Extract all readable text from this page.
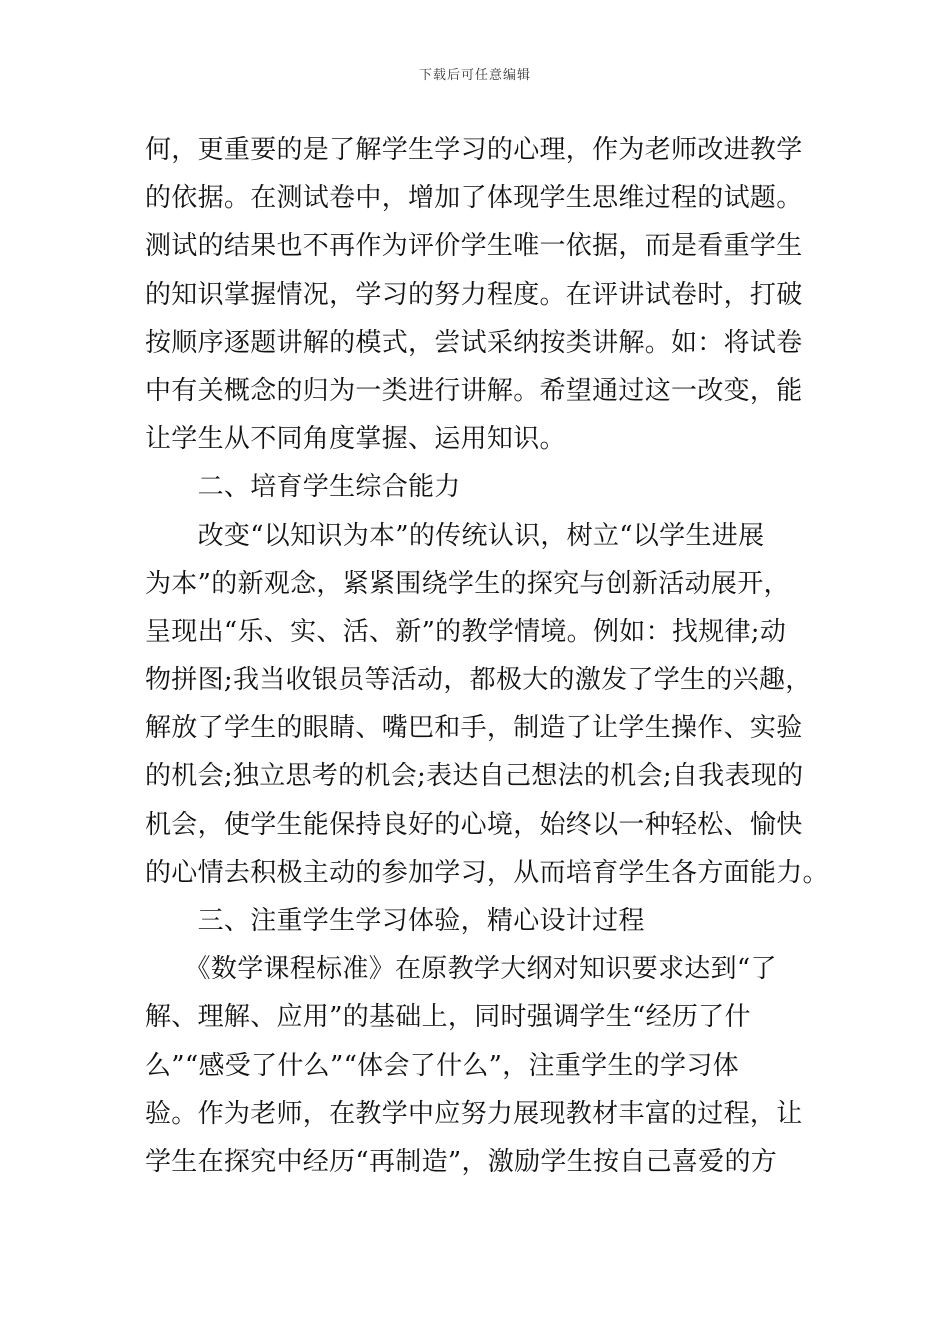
下载后可任意编辑
何，更重要的是了解学生学习的心理，作为老师改进教学
的依据。在测试卷中，增加了体现学生思维过程的试题。
测试的结果也不再作为评价学生唯一依据，而是看重学生
的知识掌握情况，学习的努力程度。在评讲试卷时，打破
按顺序逐题讲解的模式，尝试采纳按类讲解。如：将试卷
中有关概念的归为一类进行讲解。希望通过这一改变，能
让学生从不同角度掌握、运用知识。
　　二、培育学生综合能力
　　改变“以知识为本”的传统认识，树立“以学生进展
为本”的新观念，紧紧围绕学生的探究与创新活动展开，
呈现出“乐、实、活、新”的教学情境。例如：找规律;动
物拼图;我当收银员等活动，都极大的激发了学生的兴趣，
解放了学生的眼睛、嘴巴和手，制造了让学生操作、实验
的机会;独立思考的机会;表达自己想法的机会;自我表现的
机会，使学生能保持良好的心境，始终以一种轻松、愉快
的心情去积极主动的参加学习，从而培育学生各方面能力。
　　三、注重学生学习体验，精心设计过程
　　《数学课程标准》在原教学大纲对知识要求达到“了
解、理解、应用”的基础上，同时强调学生“经历了什
么”“感受了什么”“体会了什么”，注重学生的学习体
验。作为老师，在教学中应努力展现教材丰富的过程，让
学生在探究中经历“再制造”，激励学生按自己喜爱的方
